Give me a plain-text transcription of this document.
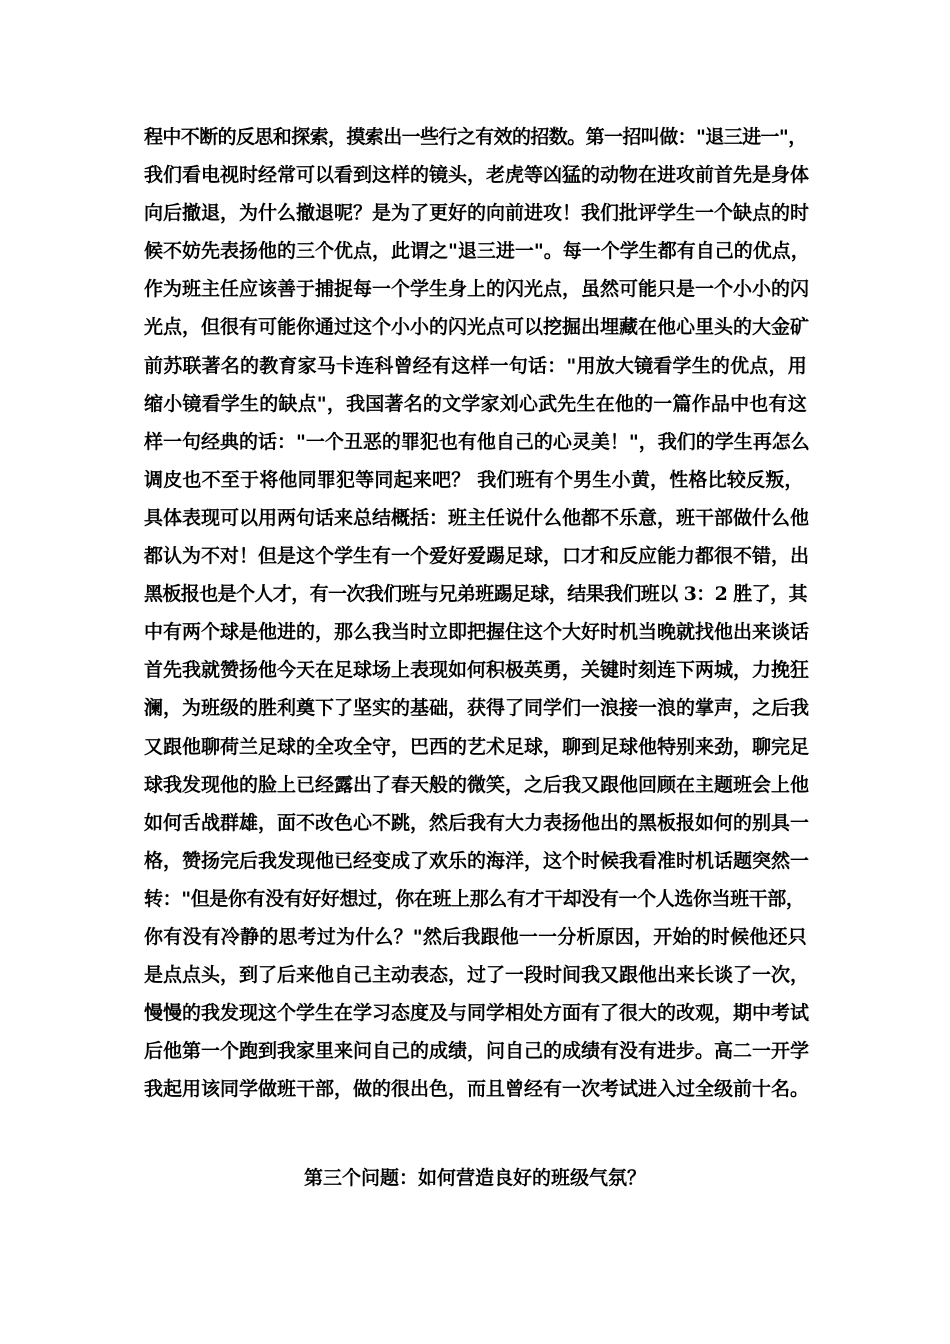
程中不断的反思和探索，摸索出一些行之有效的招数。第一招叫做："退三进一"，
我们看电视时经常可以看到这样的镜头，老虎等凶猛的动物在进攻前首先是身体
向后撤退，为什么撤退呢？是为了更好的向前进攻！我们批评学生一个缺点的时
候不妨先表扬他的三个优点，此谓之"退三进一"。每一个学生都有自己的优点，
作为班主任应该善于捕捉每一个学生身上的闪光点，虽然可能只是一个小小的闪
光点，但很有可能你通过这个小小的闪光点可以挖掘出埋藏在他心里头的大金矿
前苏联著名的教育家马卡连科曾经有这样一句话："用放大镜看学生的优点，用
缩小镜看学生的缺点"，我国著名的文学家刘心武先生在他的一篇作品中也有这
样一句经典的话："一个丑恶的罪犯也有他自己的心灵美！"，我们的学生再怎么
调皮也不至于将他同罪犯等同起来吧？ 我们班有个男生小黄，性格比较反叛，
具体表现可以用两句话来总结概括：班主任说什么他都不乐意，班干部做什么他
都认为不对！但是这个学生有一个爱好爱踢足球，口才和反应能力都很不错，出
黑板报也是个人才，有一次我们班与兄弟班踢足球，结果我们班以 3：2 胜了，其
中有两个球是他进的，那么我当时立即把握住这个大好时机当晚就找他出来谈话
首先我就赞扬他今天在足球场上表现如何积极英勇，关键时刻连下两城，力挽狂
澜，为班级的胜利奠下了坚实的基础，获得了同学们一浪接一浪的掌声，之后我
又跟他聊荷兰足球的全攻全守，巴西的艺术足球，聊到足球他特别来劲，聊完足
球我发现他的脸上已经露出了春天般的微笑，之后我又跟他回顾在主题班会上他
如何舌战群雄，面不改色心不跳，然后我有大力表扬他出的黑板报如何的别具一
格，赞扬完后我发现他已经变成了欢乐的海洋，这个时候我看准时机话题突然一
转："但是你有没有好好想过，你在班上那么有才干却没有一个人选你当班干部，
你有没有冷静的思考过为什么？"然后我跟他一一分析原因，开始的时候他还只
是点点头，到了后来他自己主动表态，过了一段时间我又跟他出来长谈了一次，
慢慢的我发现这个学生在学习态度及与同学相处方面有了很大的改观，期中考试
后他第一个跑到我家里来问自己的成绩，问自己的成绩有没有进步。高二一开学
我起用该同学做班干部，做的很出色，而且曾经有一次考试进入过全级前十名。
第三个问题：如何营造良好的班级气氛？
